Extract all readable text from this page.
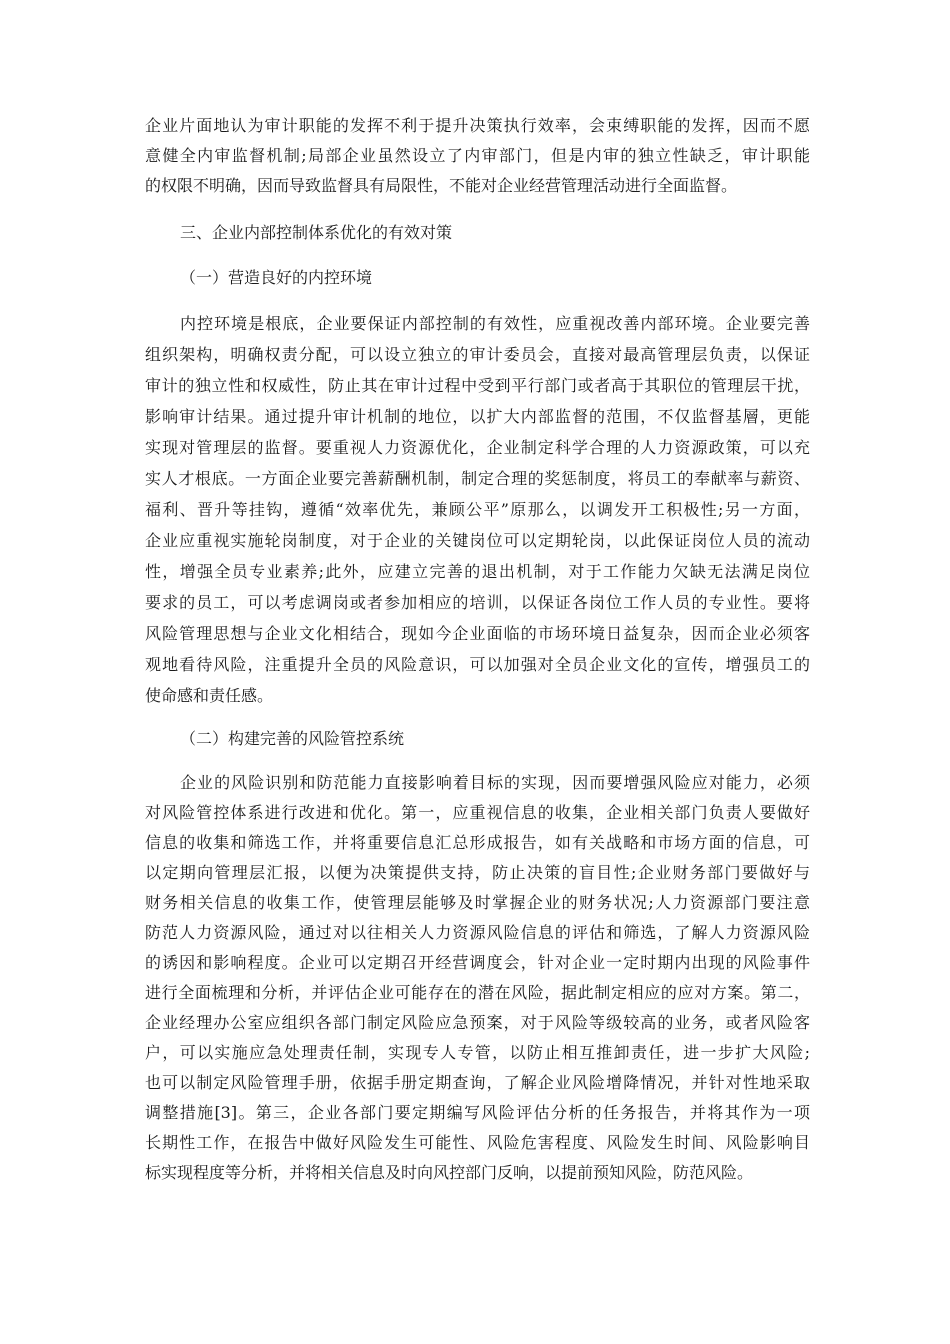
企业片面地认为审计职能的发挥不利于提升决策执行效率，会束缚职能的发挥，因而不愿
意健全内审监督机制;局部企业虽然设立了内审部门，但是内审的独立性缺乏，审计职能
的权限不明确，因而导致监督具有局限性，不能对企业经营管理活动进行全面监督。
三、企业内部控制体系优化的有效对策
（一）营造良好的内控环境
内控环境是根底，企业要保证内部控制的有效性，应重视改善内部环境。企业要完善
组织架构，明确权责分配，可以设立独立的审计委员会，直接对最高管理层负责，以保证
审计的独立性和权威性，防止其在审计过程中受到平行部门或者高于其职位的管理层干扰，
影响审计结果。通过提升审计机制的地位，以扩大内部监督的范围，不仅监督基層，更能
实现对管理层的监督。要重视人力资源优化，企业制定科学合理的人力资源政策，可以充
实人才根底。一方面企业要完善薪酬机制，制定合理的奖惩制度，将员工的奉献率与薪资、
福利、晋升等挂钩，遵循“效率优先，兼顾公平”原那么，以调发开工积极性;另一方面，
企业应重视实施轮岗制度，对于企业的关键岗位可以定期轮岗，以此保证岗位人员的流动
性，增强全员专业素养;此外，应建立完善的退出机制，对于工作能力欠缺无法满足岗位
要求的员工，可以考虑调岗或者参加相应的培训，以保证各岗位工作人员的专业性。要将
风险管理思想与企业文化相结合，现如今企业面临的市场环境日益复杂，因而企业必须客
观地看待风险，注重提升全员的风险意识，可以加强对全员企业文化的宣传，增强员工的
使命感和责任感。
（二）构建完善的风险管控系统
企业的风险识别和防范能力直接影响着目标的实现，因而要增强风险应对能力，必须
对风险管控体系进行改进和优化。第一，应重视信息的收集，企业相关部门负责人要做好
信息的收集和筛选工作，并将重要信息汇总形成报告，如有关战略和市场方面的信息，可
以定期向管理层汇报，以便为决策提供支持，防止决策的盲目性;企业财务部门要做好与
财务相关信息的收集工作，使管理层能够及时掌握企业的财务状况;人力资源部门要注意
防范人力资源风险，通过对以往相关人力资源风险信息的评估和筛选，了解人力资源风险
的诱因和影响程度。企业可以定期召开经营调度会，针对企业一定时期内出现的风险事件
进行全面梳理和分析，并评估企业可能存在的潜在风险，据此制定相应的应对方案。第二，
企业经理办公室应组织各部门制定风险应急预案，对于风险等级较高的业务，或者风险客
户，可以实施应急处理责任制，实现专人专管，以防止相互推卸责任，进一步扩大风险;
也可以制定风险管理手册，依据手册定期查询，了解企业风险增降情况，并针对性地采取
调整措施[3]。第三，企业各部门要定期编写风险评估分析的任务报告，并将其作为一项
长期性工作，在报告中做好风险发生可能性、风险危害程度、风险发生时间、风险影响目
标实现程度等分析，并将相关信息及时向风控部门反响，以提前预知风险，防范风险。
